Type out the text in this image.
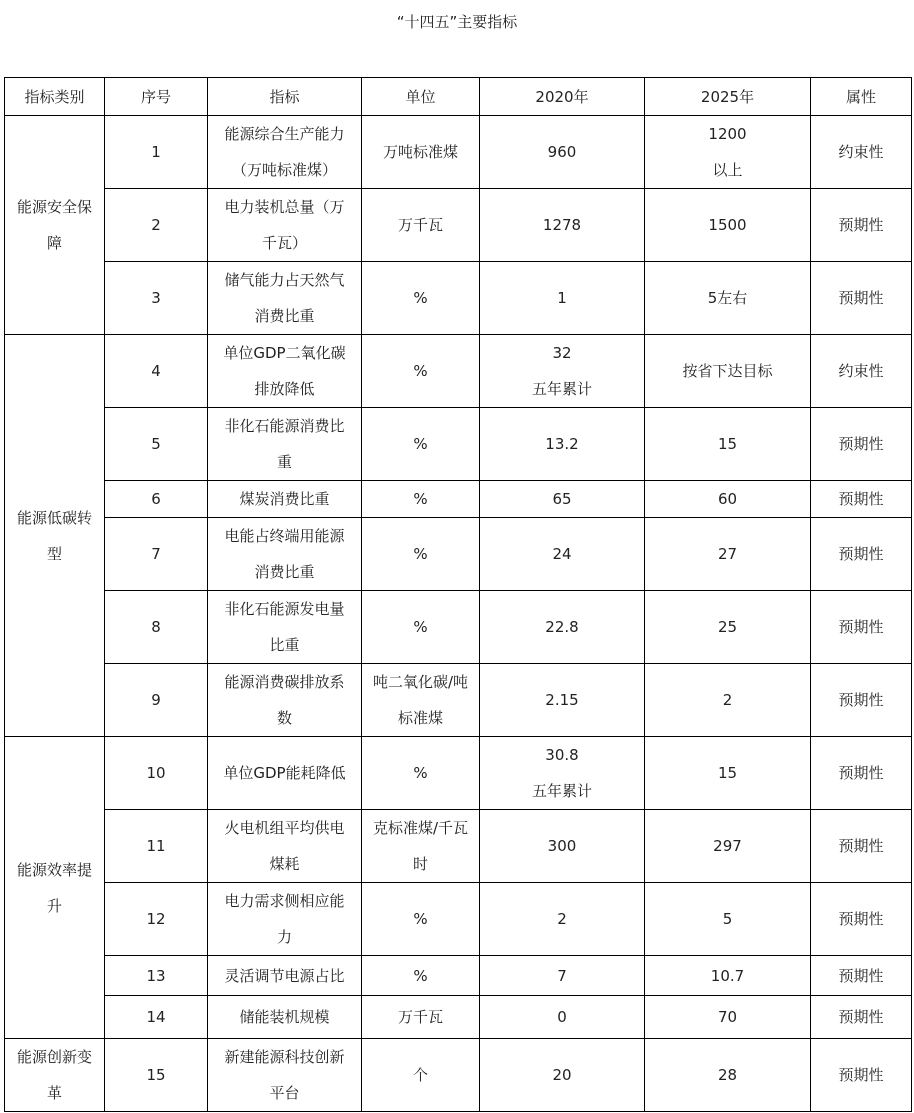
“十四五”主要指标
指标类别	序号	指标	单位	2020年	2025年	属性
能源安全保
障	1	能源综合生产能力
（万吨标准煤）	万吨标准煤	960	1200
以上	约束性
	2	电力装机总量（万
千瓦）	万千瓦	1278	1500	预期性
	3	储气能力占天然气
消费比重	%	1	5左右	预期性
能源低碳转
型	4	单位GDP二氧化碳
排放降低	%	32
五年累计	按省下达目标	约束性
	5	非化石能源消费比
重	%	13.2	15	预期性
	6	煤炭消费比重	%	65	60	预期性
	7	电能占终端用能源
消费比重	%	24	27	预期性
	8	非化石能源发电量
比重	%	22.8	25	预期性
	9	能源消费碳排放系
数	吨二氧化碳/吨
标准煤	2.15	2	预期性
能源效率提
升	10	单位GDP能耗降低	%	30.8
五年累计	15	预期性
	11	火电机组平均供电
煤耗	克标准煤/千瓦
时	300	297	预期性
	12	电力需求侧相应能
力	%	2	5	预期性
	13	灵活调节电源占比	%	7	10.7	预期性
	14	储能装机规模	万千瓦	0	70	预期性
能源创新变
革	15	新建能源科技创新
平台	个	20	28	预期性
